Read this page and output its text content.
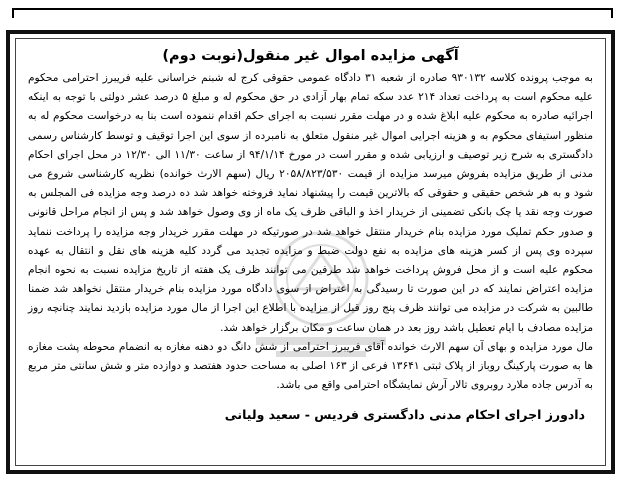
آگهی مزایده اموال غیر منقول(نوبت دوم)

به موجب پرونده کلاسه ۹۳۰۱۳۲ صادره از شعبه ۳۱ دادگاه عمومی حقوقی کرج له شبنم خراسانی علیه فریبرز احترامی محکوم علیه محکوم است به پرداخت تعداد ۲۱۴ عدد سکه تمام بهار آزادی در حق محکوم له و مبلغ ۵ درصد عشر دولتی با توجه به اینکه اجرائیه صادره به محکوم علیه ابلاغ شده و در مهلت مقرر نسبت به اجرای حکم اقدام ننموده است بنا به درخواست محکوم له به منظور استیفای محکوم به و هزینه اجرایی اموال غیر منقول متعلق به نامبرده از سوی این اجرا توقیف و توسط کارشناس رسمی دادگستری به شرح زیر توصیف و ارزیابی شده و مقرر است در مورخ ۹۴/۱/۱۴ از ساعت ۱۱/۳۰ الی ۱۲/۳۰ در محل اجرای احکام مدنی از طریق مزایده بفروش میرسد مزایده از قیمت ۲۰۵۸/۸۲۳/۵۳۰ ریال (سهم الارث خوانده) نظریه کارشناسی شروع می شود و به هر شخص حقیقی و حقوقی که بالاترین قیمت را پیشنهاد نماید فروخته خواهد شد ده درصد وجه مزایده فی المجلس به صورت وجه نقد یا چک بانکی تضمینی از خریدار اخذ و الباقی ظرف یک ماه از وی وصول خواهد شد و پس از انجام مراحل قانونی و صدور حکم تملیک مورد مزایده بنام خریدار منتقل خواهد شد در صورتیکه در مهلت مقرر خریدار وجه مزایده را پرداخت ننماید سپرده وی پس از کسر هزینه های مزایده به نفع دولت ضبط و مزایده تجدید می گردد کلیه هزینه های نقل و انتقال به عهده محکوم علیه است و از محل فروش پرداخت خواهد شد طرفین می توانند ظرف یک هفته از تاریخ مزایده نسبت به نحوه انجام مزایده اعتراض نمایند که در این صورت تا رسیدگی به اعتراض از سوی دادگاه مورد مزایده بنام خریدار منتقل نخواهد شد ضمنا طالبین به شرکت در مزایده می توانند ظرف پنج روز قبل از مزایده با اطلاع این اجرا از مال مورد مزایده بازدید نمایند چنانچه روز مزایده مصادف با ایام تعطیل باشد روز بعد در همان ساعت و مکان برگزار خواهد شد.

مال مورد مزایده و بهای آن سهم الارث خوانده آقای فریبرز احترامی از شش دانگ دو دهنه مغازه به انضمام محوطه پشت مغازه ها به صورت پارکینگ روباز از پلاک ثبتی ۱۳۶۴۱ فرعی از ۱۶۳ اصلی به مساحت حدود هفتصد و دوازده متر و شش سانتی متر مربع به آدرس جاده ملارد روبروی تالار آرش نمایشگاه احترامی واقع می باشد.

دادورز اجرای احکام مدنی دادگستری فردیس - سعید ولیانی
